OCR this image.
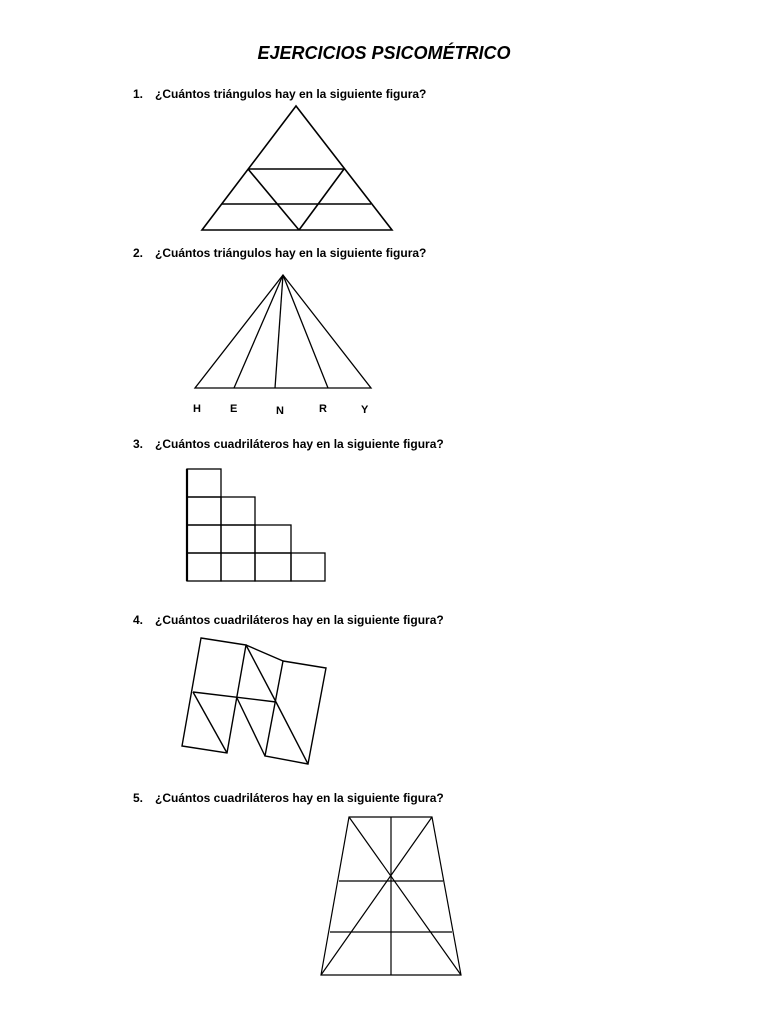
EJERCICIOS PSICOMÉTRICO
1. ¿Cuántos triángulos hay en la siguiente figura?
2. ¿Cuántos triángulos hay en la siguiente figura?
3. ¿Cuántos cuadriláteros hay en la siguiente figura?
4. ¿Cuántos cuadriláteros hay en la siguiente figura?
5. ¿Cuántos cuadriláteros hay en la siguiente figura?
H	E	N	R	Y
